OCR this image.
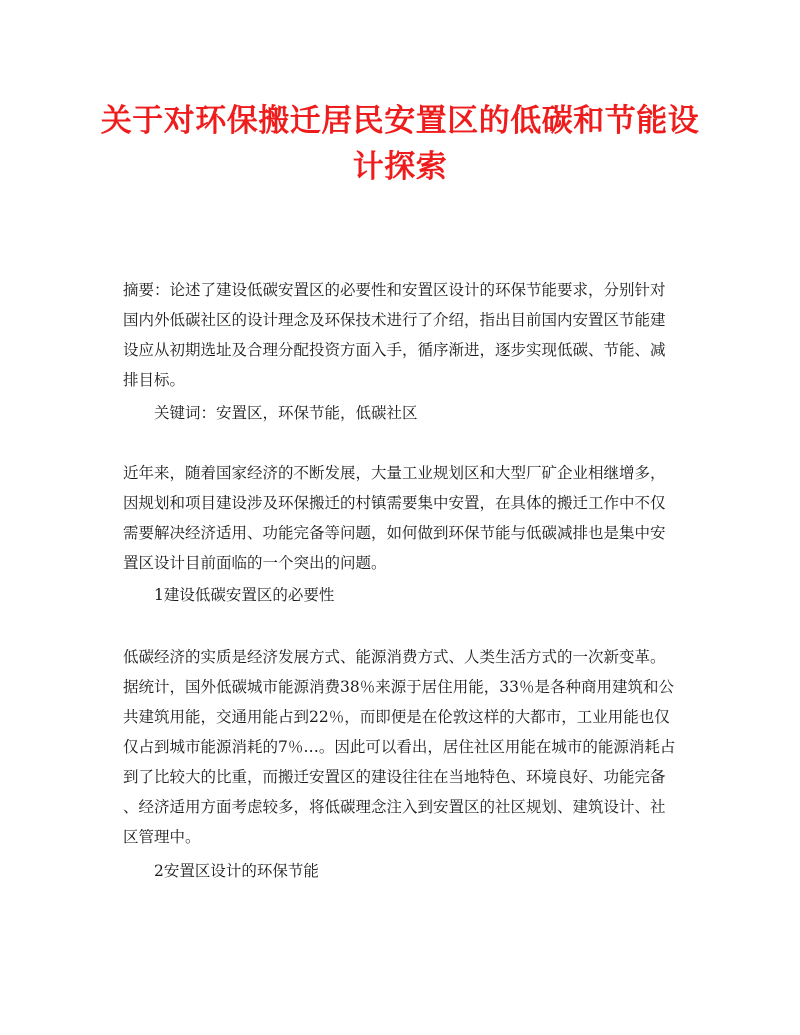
关于对环保搬迁居民安置区的低碳和节能设
计探索
摘要：论述了建设低碳安置区的必要性和安置区设计的环保节能要求，分别针对
国内外低碳社区的设计理念及环保技术进行了介绍，指出目前国内安置区节能建
设应从初期选址及合理分配投资方面入手，循序渐进，逐步实现低碳、节能、减
排目标。
关键词：安置区，环保节能，低碳社区
近年来，随着国家经济的不断发展，大量工业规划区和大型厂矿企业相继增多，
因规划和项目建设涉及环保搬迁的村镇需要集中安置，在具体的搬迁工作中不仅
需要解决经济适用、功能完备等问题，如何做到环保节能与低碳减排也是集中安
置区设计目前面临的一个突出的问题。
1建设低碳安置区的必要性
低碳经济的实质是经济发展方式、能源消费方式、人类生活方式的一次新变革。
据统计，国外低碳城市能源消费38％来源于居住用能，33％是各种商用建筑和公
共建筑用能，交通用能占到22％，而即便是在伦敦这样的大都市，工业用能也仅
仅占到城市能源消耗的7％…。因此可以看出，居住社区用能在城市的能源消耗占
到了比较大的比重，而搬迁安置区的建设往往在当地特色、环境良好、功能完备
、经济适用方面考虑较多，将低碳理念注入到安置区的社区规划、建筑设计、社
区管理中。
2安置区设计的环保节能
